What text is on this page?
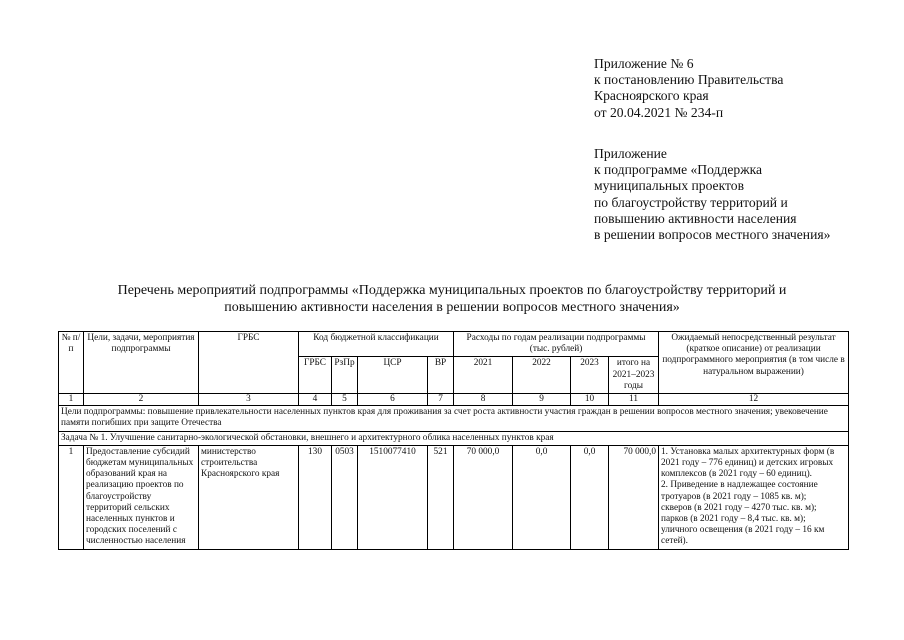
Приложение № 6
к постановлению Правительства
Красноярского края
от 20.04.2021 № 234-п
Приложение
к подпрограмме «Поддержка
муниципальных проектов
по благоустройству территорий и
повышению активности населения
в решении вопросов местного значения»
Перечень мероприятий подпрограммы «Поддержка муниципальных проектов по благоустройству территорий и
повышению активности населения в решении вопросов местного значения»
№ п/п	Цели, задачи, мероприятия подпрограммы	ГРБС	Код бюджетной классификации				Расходы по годам реализации подпрограммы (тыс. рублей)				Ожидаемый непосредственный результат (краткое описание) от реализации подпрограммного мероприятия (в том числе в натуральном выражении)
			ГРБС	РзПр	ЦСР	ВР	2021	2022	2023	итого на 2021–2023 годы	
1	2	3	4	5	6	7	8	9	10	11	12
Цели подпрограммы: повышение привлекательности населенных пунктов края для проживания за счет роста активности участия граждан в решении вопросов местного значения; увековечение памяти погибших при защите Отечества											
Задача № 1. Улучшение санитарно-экологической обстановки, внешнего и архитектурного облика населенных пунктов края											
1	Предоставление субсидий бюджетам муниципальных образований края на реализацию проектов по благоустройству территорий сельских населенных пунктов и городских поселений с численностью населения	министерство строительства Красноярского края	130	0503	1510077410	521	70 000,0	0,0	0,0	70 000,0	1. Установка малых архитектурных форм (в 2021 году – 776 единиц) и детских игровых комплексов (в 2021 году – 60 единиц).
2. Приведение в надлежащее состояние тротуаров (в 2021 году – 1085 кв. м);
скверов (в 2021 году – 4270 тыс. кв. м);
парков (в 2021 году – 8,4 тыс. кв. м);
уличного освещения (в 2021 году – 16 км сетей).
